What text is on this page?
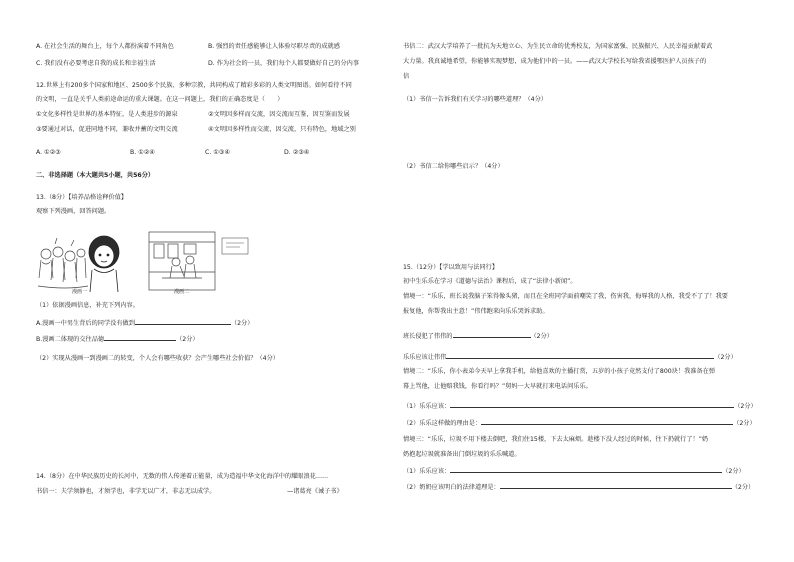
A. 在社会生活的舞台上，每个人都扮演着不同角色	B. 强烈的责任感能够让人体验尽职尽责的成就感
C. 我们没有必要考虑自我的成长和幸福生活	D. 作为社会的一员，我们每个人都要做好自己的分内事
12.世界上有200多个国家和地区、2500多个民族、多种宗教，共同构成了精彩多彩的人类文明图谱。如何看待不同
的文明，一直是关乎人类前途命运的重大课题。在这一问题上，我们的正确态度是（　　）
①文化多样性是世界的基本特征，是人类进步的源泉	②文明因多样而交流，因交流而互鉴，因互鉴而发展
③要通过对话，促进同地不同，兼收并蓄的文明交流	④文明因多样性而交流，因交流，只有特色，地域之别
A. ①②③	B. ①②④	C. ①③④	D. ②③④
二、非选择题（本大题共5小题，共56分）
13.（8分）【培养品格诠释价值】
观察下列漫画，回答问题。
漫画一	漫画二
（1）依据漫画信息，补充下列内容。
A.漫画一中男生背后的同学没有做到	（2分）
B.漫画二体现的交往品德	（2分）
（2）实现从漫画一到漫画二的转变，个人会有哪些收获？会产生哪些社会价值？（4分）
14.（8分）在中华民族历史的长河中，无数的伟人传递着正能量，成为造福中华文化海洋中的耀眼浪花……
书信一：夫学须静也，才须学也，非学无以广才，非志无以成学。	—诸葛亮《诫子书》
书信二：武汉大学培养了一批抗为天地立心、为生民立命的优秀校友，为国家富强、民族振兴、人民幸福贡献着武
大力量。我真诚地希望，你能够实现梦想，成为他们中的一员。——武汉大学校长写给我省援鄂医护人员孩子的
信
（1）书信一告诉我们有关学习的哪些道理？（4分）
（2）书信二给你哪些启示？（4分）
15.（12分）【学以致用与法同行】
初中生乐乐在学习《道德与法治》课程后，成了“法律小新闻”。
情境一：“乐乐，班长说我脑子笨得像头猪，而且在全班同学面前嘲笑了我，伤害我，侮辱我的人格，我受不了了！我要
报复他，你帮我出主意！”伟伟跑来向乐乐哭诉求助。
班长侵犯了伟伟的	（2分）
乐乐应该让伟伟	（2分）
情境二：“乐乐，你小表弟今天早上拿我手机，给他喜欢的主播打赏，五岁的小孩子竟然支付了800块！我准备在弹
幕上骂他，让他赔我钱，你看行吗？”舅妈一大早就打来电话问乐乐。
（1）乐乐应该：	（2分）
（2）乐乐这样做的理由是：	（2分）
情境三：“乐乐，垃圾不用下楼去倒吧，我们住15楼，下去太麻烦。趁楼下没人经过的时候，往下扔就行了！”奶
奶抱起垃圾就准备出门倒垃圾的乐乐喊道。
（1）乐乐应该：	（2分）
（2）奶奶应该明白的法律道理是：	（2分）
